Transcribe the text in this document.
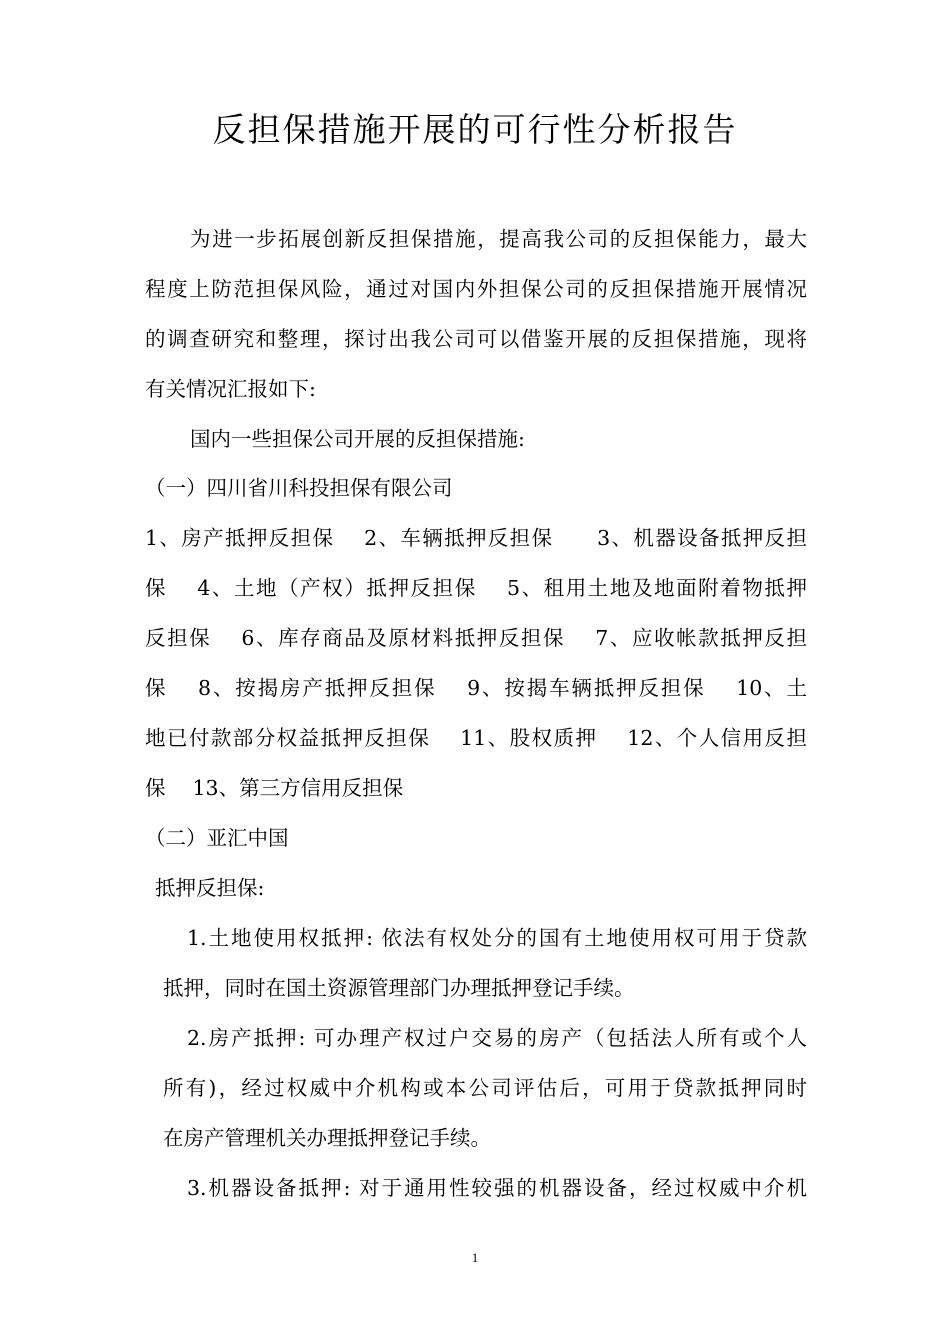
反担保措施开展的可行性分析报告
为进一步拓展创新反担保措施，提高我公司的反担保能力，最大
程度上防范担保风险，通过对国内外担保公司的反担保措施开展情况
的调查研究和整理，探讨出我公司可以借鉴开展的反担保措施，现将
有关情况汇报如下:
国内一些担保公司开展的反担保措施:
（一）四川省川科投担保有限公司
1、房产抵押反担保　 2、车辆抵押反担保　　3、机器设备抵押反担
保　 4、土地（产权）抵押反担保　 5、租用土地及地面附着物抵押
反担保　 6、库存商品及原材料抵押反担保　 7、应收帐款抵押反担
保　 8、按揭房产抵押反担保　 9、按揭车辆抵押反担保　 10、土
地已付款部分权益抵押反担保　 11、股权质押　 12、个人信用反担
保　 13、第三方信用反担保
（二）亚汇中国
抵押反担保:
1.土地使用权抵押: 依法有权处分的国有土地使用权可用于贷款
抵押，同时在国土资源管理部门办理抵押登记手续。
2.房产抵押: 可办理产权过户交易的房产（包括法人所有或个人
所有)，经过权威中介机构或本公司评估后，可用于贷款抵押同时
在房产管理机关办理抵押登记手续。
3.机器设备抵押: 对于通用性较强的机器设备，经过权威中介机
1
